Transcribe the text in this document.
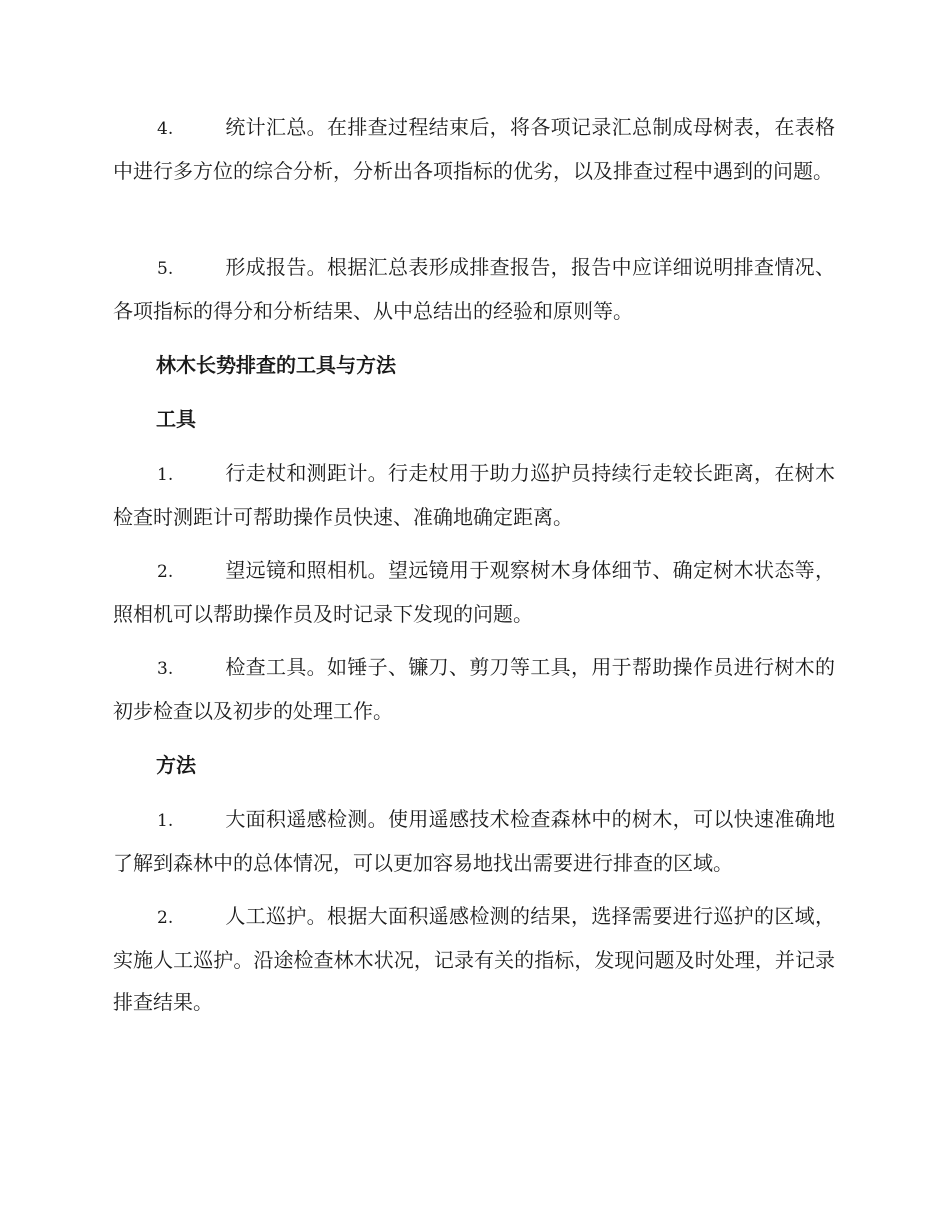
4.	统计汇总。在排查过程结束后，将各项记录汇总制成母树表，在表格中进行多方位的综合分析，分析出各项指标的优劣，以及排查过程中遇到的问题。

5.	形成报告。根据汇总表形成排查报告，报告中应详细说明排查情况、各项指标的得分和分析结果、从中总结出的经验和原则等。

林木长势排查的工具与方法
工具

1.	行走杖和测距计。行走杖用于助力巡护员持续行走较长距离，在树木检查时测距计可帮助操作员快速、准确地确定距离。

2.	望远镜和照相机。望远镜用于观察树木身体细节、确定树木状态等，照相机可以帮助操作员及时记录下发现的问题。

3.	检查工具。如锤子、镰刀、剪刀等工具，用于帮助操作员进行树木的初步检查以及初步的处理工作。

方法

1.	大面积遥感检测。使用遥感技术检查森林中的树木，可以快速准确地了解到森林中的总体情况，可以更加容易地找出需要进行排查的区域。

2.	人工巡护。根据大面积遥感检测的结果，选择需要进行巡护的区域，实施人工巡护。沿途检查林木状况，记录有关的指标，发现问题及时处理，并记录排查结果。
